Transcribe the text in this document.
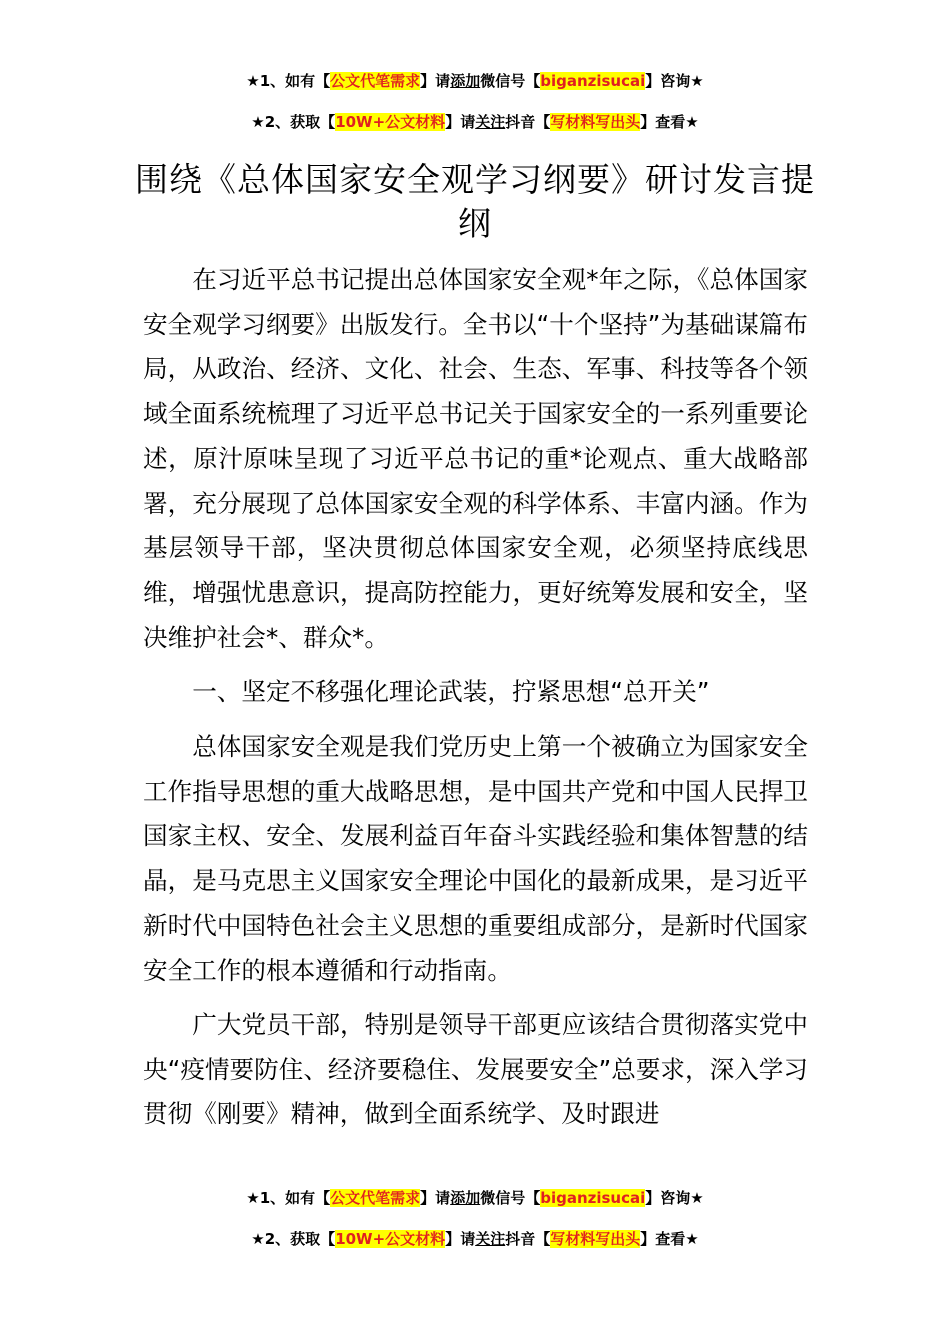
★1、如有【公文代笔需求】请添加微信号【biganzisucai】咨询★
★2、获取【10W+公文材料】请关注抖音【写材料写出头】查看★
围绕《总体国家安全观学习纲要》研讨发言提纲

在习近平总书记提出总体国家安全观*年之际，《总体国家安全观学习纲要》出版发行。全书以“十个坚持”为基础谋篇布局，从政治、经济、文化、社会、生态、军事、科技等各个领域全面系统梳理了习近平总书记关于国家安全的一系列重要论述，原汁原味呈现了习近平总书记的重*论观点、重大战略部署，充分展现了总体国家安全观的科学体系、丰富内涵。作为基层领导干部，坚决贯彻总体国家安全观，必须坚持底线思维，增强忧患意识，提高防控能力，更好统筹发展和安全，坚决维护社会*、群众*。

一、坚定不移强化理论武装，拧紧思想“总开关”

总体国家安全观是我们党历史上第一个被确立为国家安全工作指导思想的重大战略思想，是中国共产党和中国人民捍卫国家主权、安全、发展利益百年奋斗实践经验和集体智慧的结晶，是马克思主义国家安全理论中国化的最新成果，是习近平新时代中国特色社会主义思想的重要组成部分，是新时代国家安全工作的根本遵循和行动指南。

广大党员干部，特别是领导干部更应该结合贯彻落实党中央“疫情要防住、经济要稳住、发展要安全”总要求，深入学习贯彻《刚要》精神，做到全面系统学、及时跟进

★1、如有【公文代笔需求】请添加微信号【biganzisucai】咨询★
★2、获取【10W+公文材料】请关注抖音【写材料写出头】查看★
